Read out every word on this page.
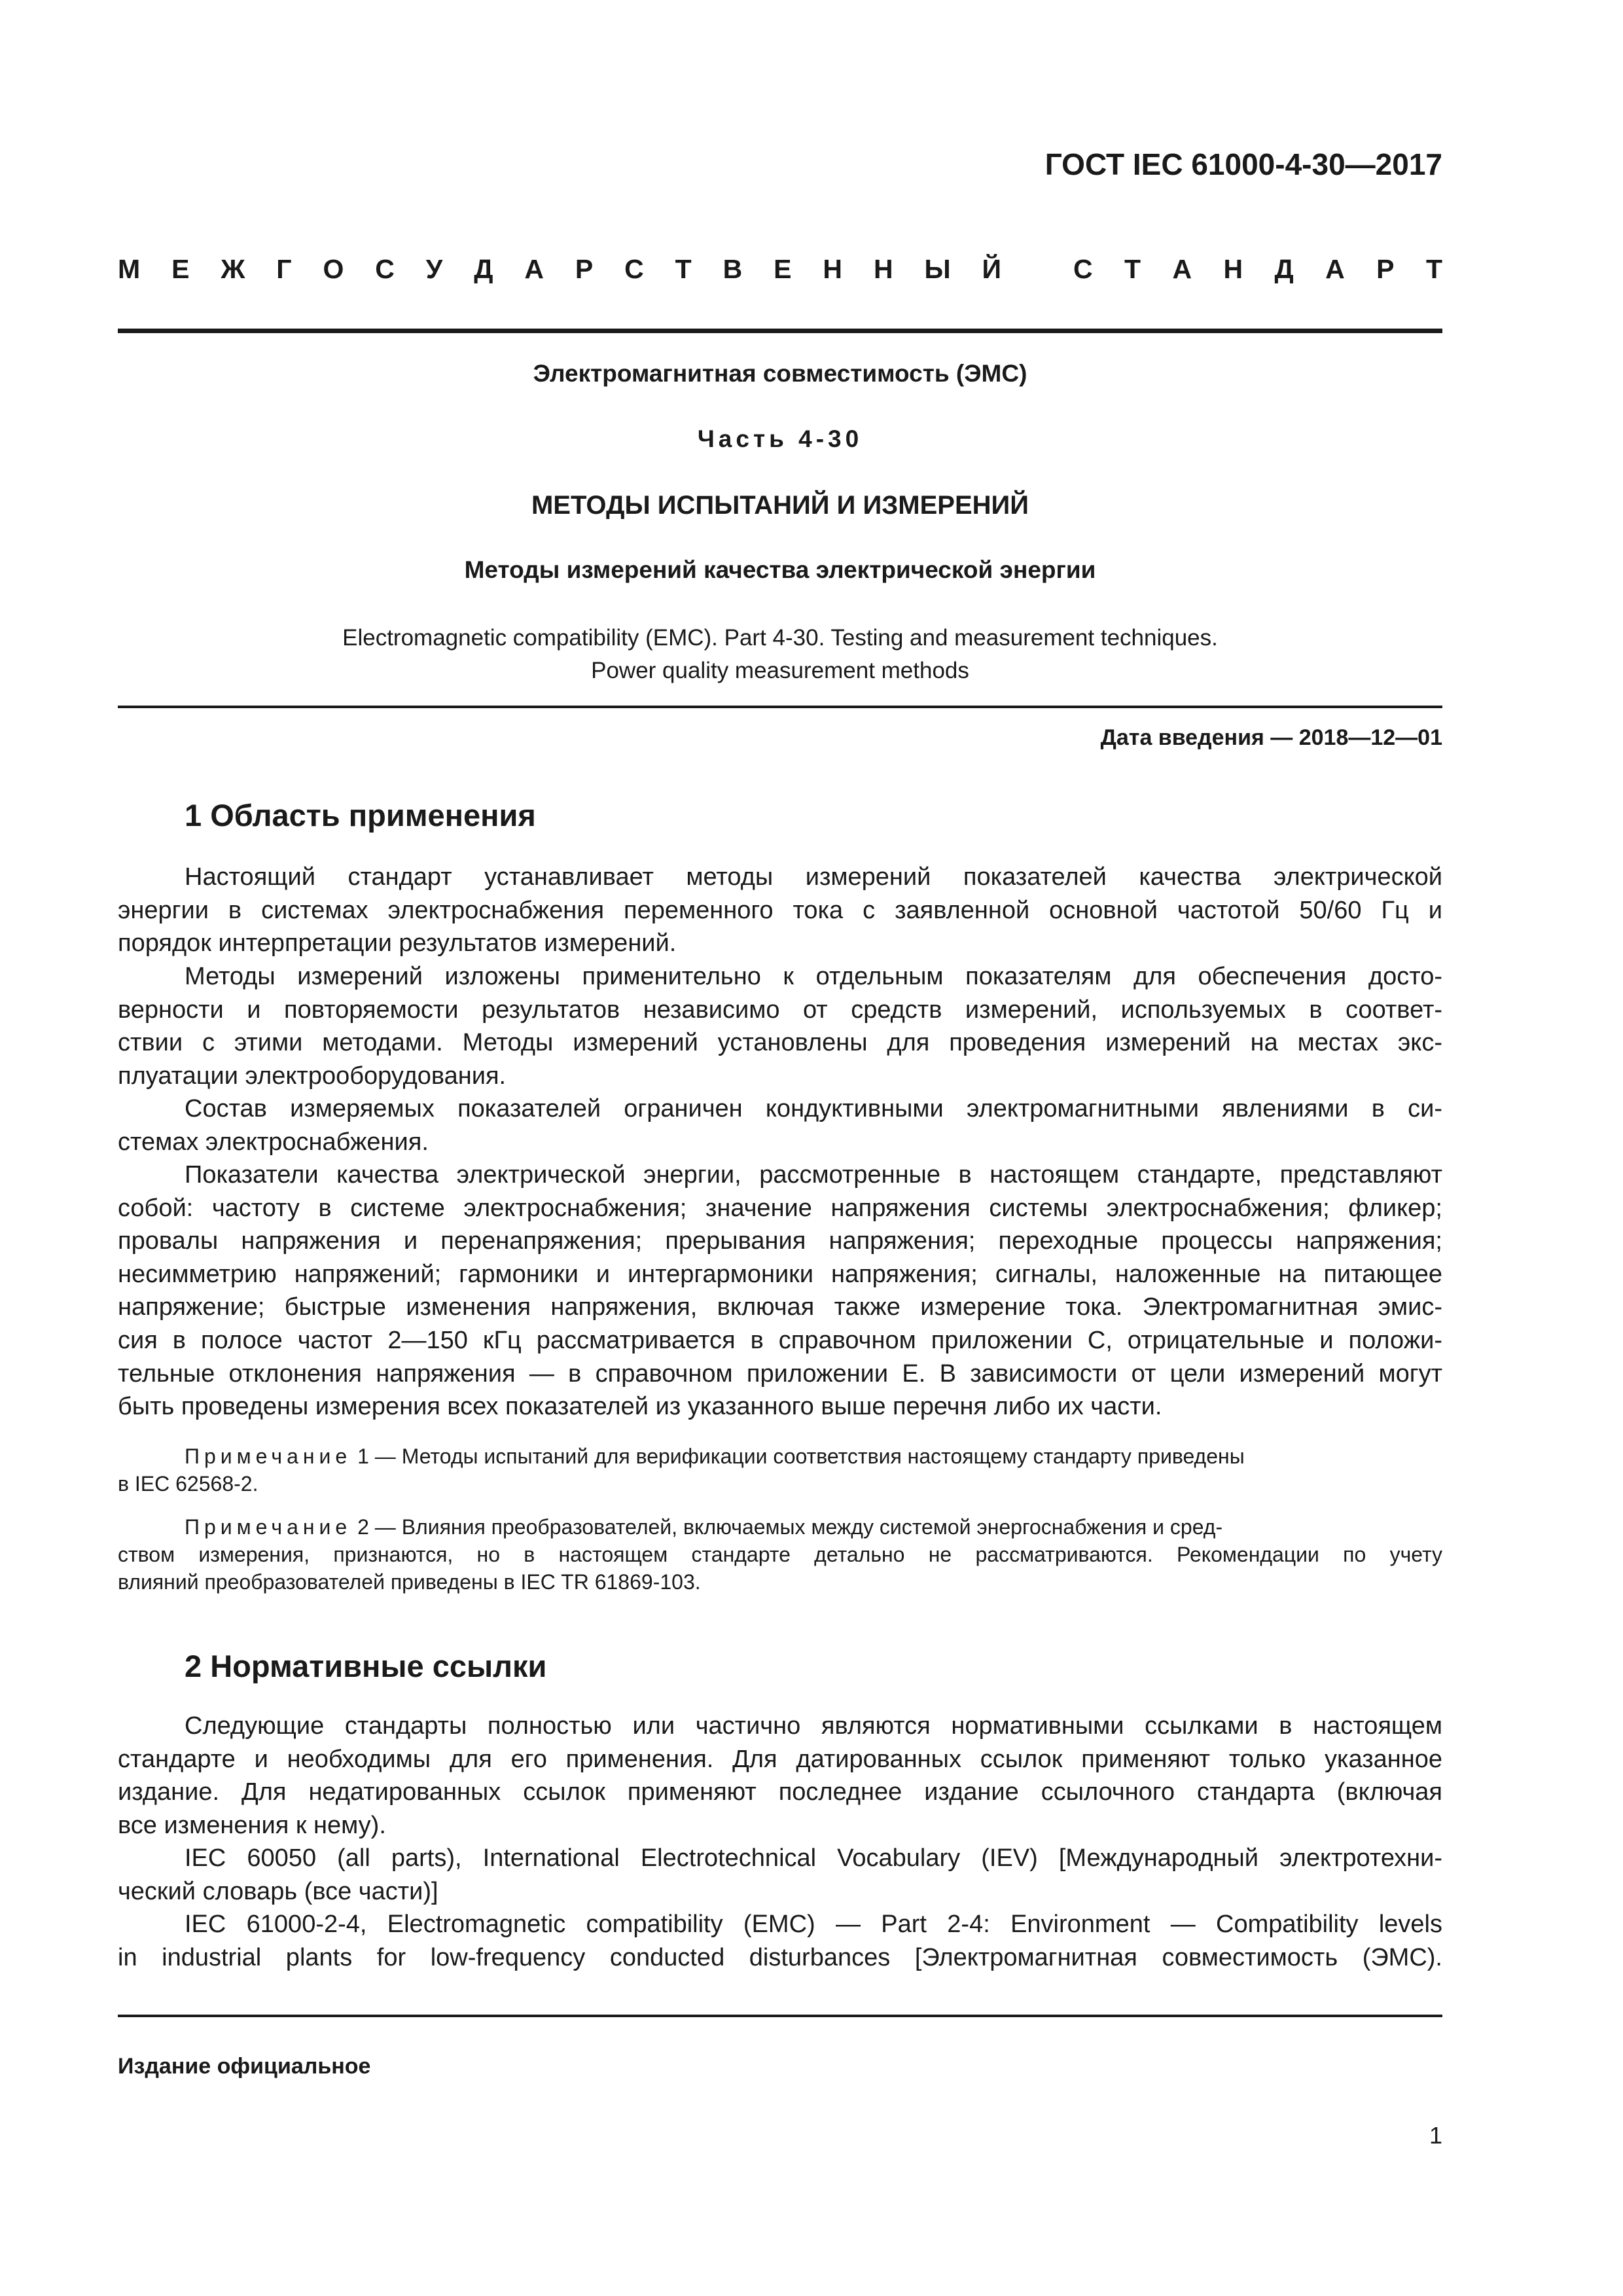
ГОСТ IEC 61000-4-30—2017
М Е Ж Г О С У Д А Р С Т В Е Н Н Ы Й	С Т А Н Д А Р Т
Электромагнитная совместимость (ЭМС)
Часть 4-30
МЕТОДЫ ИСПЫТАНИЙ И ИЗМЕРЕНИЙ
Методы измерений качества электрической энергии
Electromagnetic compatibility (EMC). Part 4-30. Testing and measurement techniques.
Power quality measurement methods
Дата введения — 2018—12—01
1 Область применения
Настоящий стандарт устанавливает методы измерений показателей качества электрической
энергии в системах электроснабжения переменного тока с заявленной основной частотой 50/60 Гц и
порядок интерпретации результатов измерений.
Методы измерений изложены применительно к отдельным показателям для обеспечения досто-
верности и повторяемости результатов независимо от средств измерений, используемых в соответ-
ствии с этими методами. Методы измерений установлены для проведения измерений на местах экс-
плуатации электрооборудования.
Состав измеряемых показателей ограничен кондуктивными электромагнитными явлениями в си-
стемах электроснабжения.
Показатели качества электрической энергии, рассмотренные в настоящем стандарте, представляют
собой: частоту в системе электроснабжения; значение напряжения системы электроснабжения; фликер;
провалы напряжения и перенапряжения; прерывания напряжения; переходные процессы напряжения;
несимметрию напряжений; гармоники и интергармоники напряжения; сигналы, наложенные на питающее
напряжение; быстрые изменения напряжения, включая также измерение тока. Электромагнитная эмис-
сия в полосе частот 2—150 кГц рассматривается в справочном приложении С, отрицательные и положи-
тельные отклонения напряжения — в справочном приложении Е. В зависимости от цели измерений могут
быть проведены измерения всех показателей из указанного выше перечня либо их части.
Примечание 1 — Методы испытаний для верификации соответствия настоящему стандарту приведены
в IEC 62568-2.
Примечание 2 — Влияния преобразователей, включаемых между системой энергоснабжения и сред-
ством измерения, признаются, но в настоящем стандарте детально не рассматриваются. Рекомендации по учету
влияний преобразователей приведены в IEC TR 61869-103.
2 Нормативные ссылки
Следующие стандарты полностью или частично являются нормативными ссылками в настоящем
стандарте и необходимы для его применения. Для датированных ссылок применяют только указанное
издание. Для недатированных ссылок применяют последнее издание ссылочного стандарта (включая
все изменения к нему).
IEC 60050 (all parts), International Electrotechnical Vocabulary (IEV) [Международный электротехни-
ческий словарь (все части)]
IEC 61000-2-4, Electromagnetic compatibility (EMC) — Part 2-4: Environment — Compatibility levels
in industrial plants for low-frequency conducted disturbances [Электромагнитная совместимость (ЭМС).
Издание официальное
1
